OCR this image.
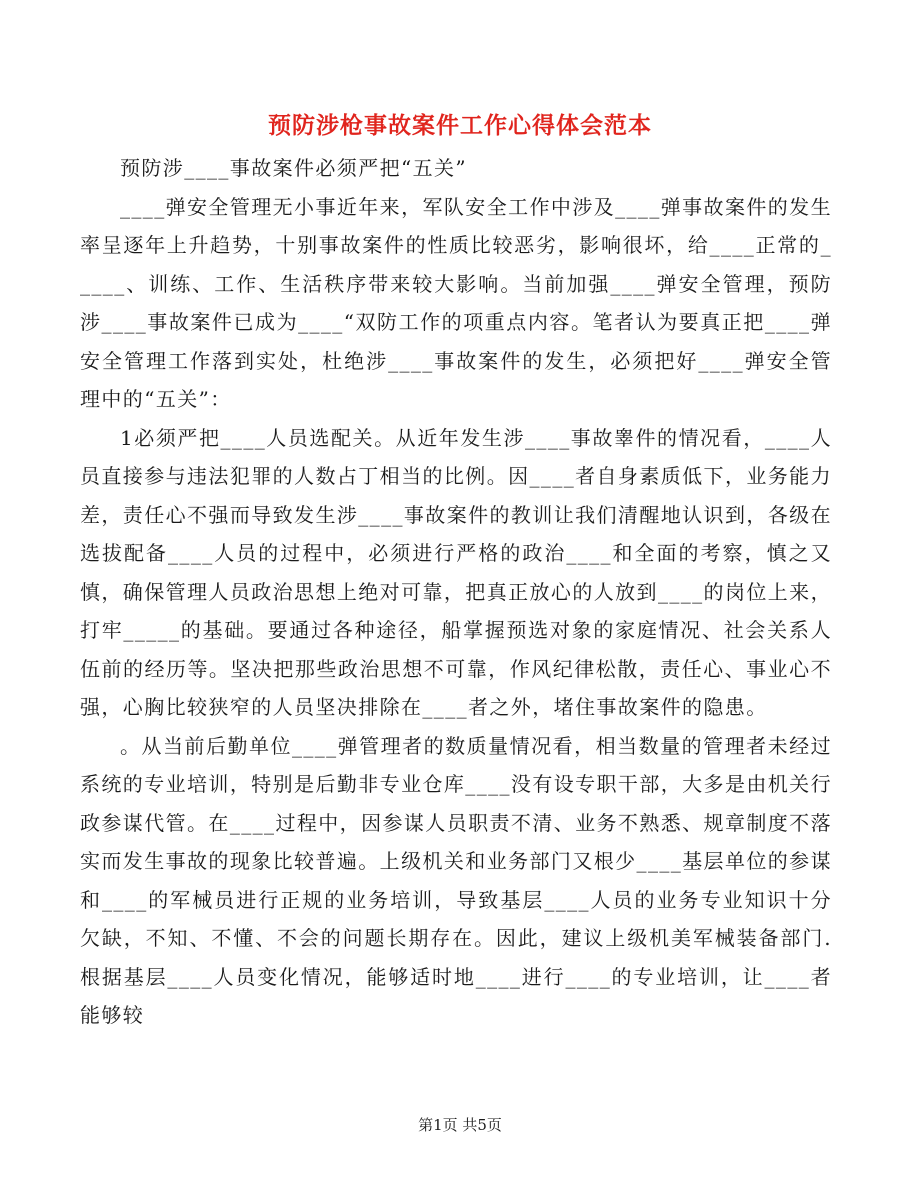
预防涉枪事故案件工作心得体会范本

预防涉____事故案件必须严把“五关”

____弹安全管理无小事近年来，军队安全工作中涉及____弹事故案件的发生率呈逐年上升趋势，十别事故案件的性质比较恶劣，影响很坏，给____正常的_____、训练、工作、生活秩序带来较大影响。当前加强____弹安全管理，预防涉____事故案件已成为____“双防工作的项重点内容。笔者认为要真正把____弹安全管理工作落到实处，杜绝涉____事故案件的发生，必须把好____弹安全管理中的“五关”：

1必须严把____人员选配关。从近年发生涉____事故睾件的情况看，____人员直接参与违法犯罪的人数占丁相当的比例。因____者自身素质低下，业务能力差，责任心不强而导致发生涉____事故案件的教训让我们清醒地认识到，各级在选拔配备____人员的过程中，必须进行严格的政治____和全面的考察，慎之又慎，确保管理人员政治思想上绝对可靠，把真正放心的人放到____的岗位上来，打牢_____的基础。要通过各种途径，船掌握预选对象的家庭情况、社会关系人伍前的经历等。坚决把那些政治思想不可靠，作风纪律松散，责任心、事业心不强，心胸比较狭窄的人员坚决排除在____者之外，堵住事故案件的隐患。

。从当前后勤单位____弹管理者的数质量情况看，相当数量的管理者未经过系统的专业培训，特别是后勤非专业仓库____没有设专职干部，大多是由机关行政参谋代管。在____过程中，因参谋人员职责不清、业务不熟悉、规章制度不落实而发生事故的现象比较普遍。上级机关和业务部门又根少____基层单位的参谋和____的军械员进行正规的业务培训，导致基层____人员的业务专业知识十分欠缺，不知、不懂、不会的问题长期存在。因此，建议上级机美军械装备部门.根据基层____人员变化情况，能够适时地____进行____的专业培训，让____者能够较

第1页 共5页
